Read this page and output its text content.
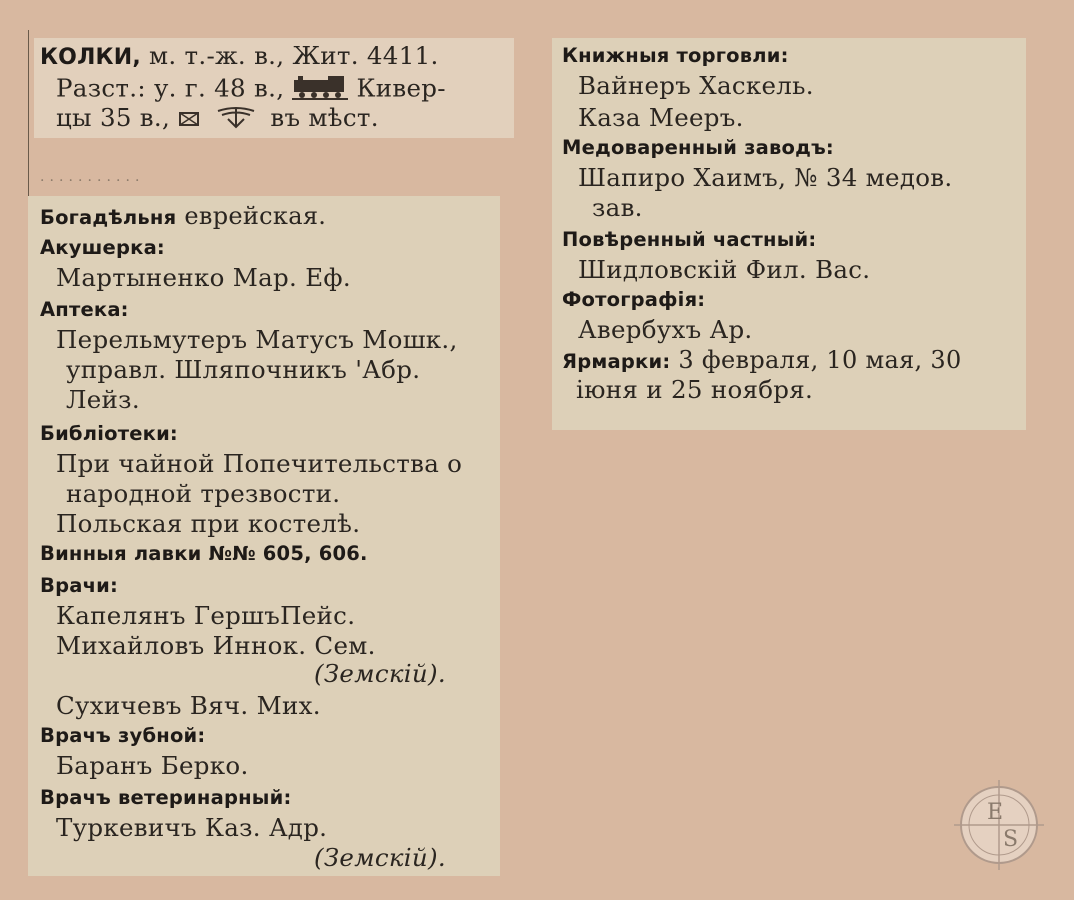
КОЛКИ, м. т.-ж. в., Жит. 4411.
Разст.: у. г. 48 в.,	Кивер-
цы 35 в.,	въ мѣст.
· · · · · · · · · · ·
Богадѣльня еврейская.
Акушерка:
Мартыненко Мар. Еф.
Аптека:
Перельмутеръ Матусъ Мошк.,
управл. Шляпочникъ 'Абр.
Лейз.
Библіотеки:
При чайной Попечительства о
народной трезвости.
Польская при костелѣ.
Винныя лавки №№ 605, 606.
Врачи:
Капелянъ ГершъПейс.
Михайловъ Иннок. Сем.
(Земскій).
Сухичевъ Вяч. Мих.
Врачъ зубной:
Баранъ Берко.
Врачъ ветеринарный:
Туркевичъ Каз. Адр.
(Земскій).
Книжныя торговли:
Вайнеръ Хаскель.
Каза Мееръ.
Медоваренный заводъ:
Шапиро Хаимъ, № 34 медов.
зав.
Повѣренный частный:
Шидловскій Фил. Вас.
Фотографія:
Авербухъ Ар.
Ярмарки: 3 февраля, 10 мая, 30
іюня и 25 ноября.
E
S
